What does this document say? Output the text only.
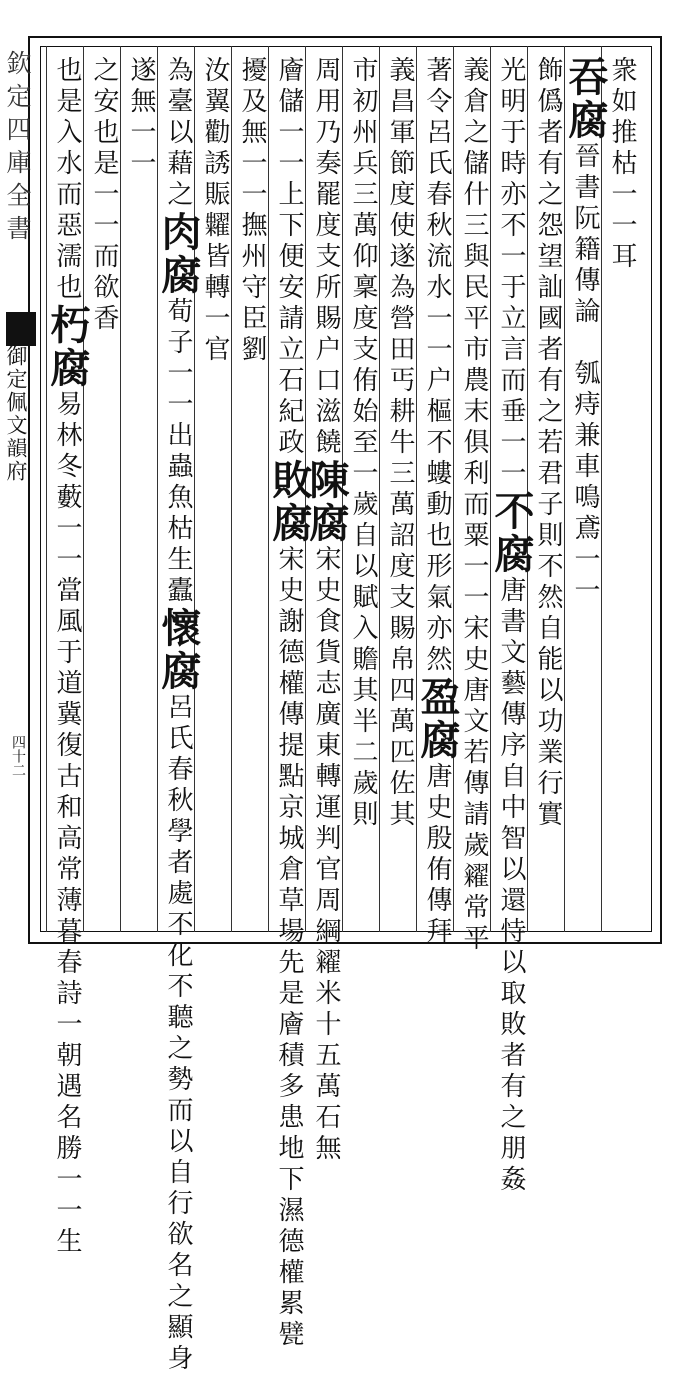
欽定四庫全書
御定佩文韻府
四十二
衆如推枯一一耳
吞腐晉書阮籍傳論　瓠痔兼車鳴鳶一一
飾僞者有之怨望訕國者有之若君子則不然自能以功業行實
光明于時亦不一于立言而垂一一不腐唐書文藝傳序自中智以還恃以取敗者有之朋姦
義倉之儲什三與民平市農末俱利而粟一一宋史唐文若傳請歲糴常平
著令呂氏春秋流水一一户樞不螻動也形氣亦然盈腐唐史殷侑傳拜
義昌軍節度使遂為營田丐耕牛三萬詔度支賜帛四萬匹佐其
市初州兵三萬仰稟度支侑始至一歲自以賦入贍其半二歲則
周用乃奏罷度支所賜户口滋饒陳腐宋史食貨志廣東轉運判官周綱糴米十五萬石無
廥儲一一上下便安請立石紀政敗腐宋史謝德權傳提點京城倉草場先是廥積多患地下濕德權累甓
擾及無一一撫州守臣劉
汝翼勸誘賑糶皆轉一官
為臺以藉之肉腐荀子一一出蟲魚枯生蠹懷腐呂氏春秋學者處不化不聽之勢而以自行欲名之顯身
遂無一一
之安也是一一而欲香
也是入水而惡濡也朽腐易林冬藪一一當風于道冀復古和高常薄暮春詩一朝遇名勝一一生
